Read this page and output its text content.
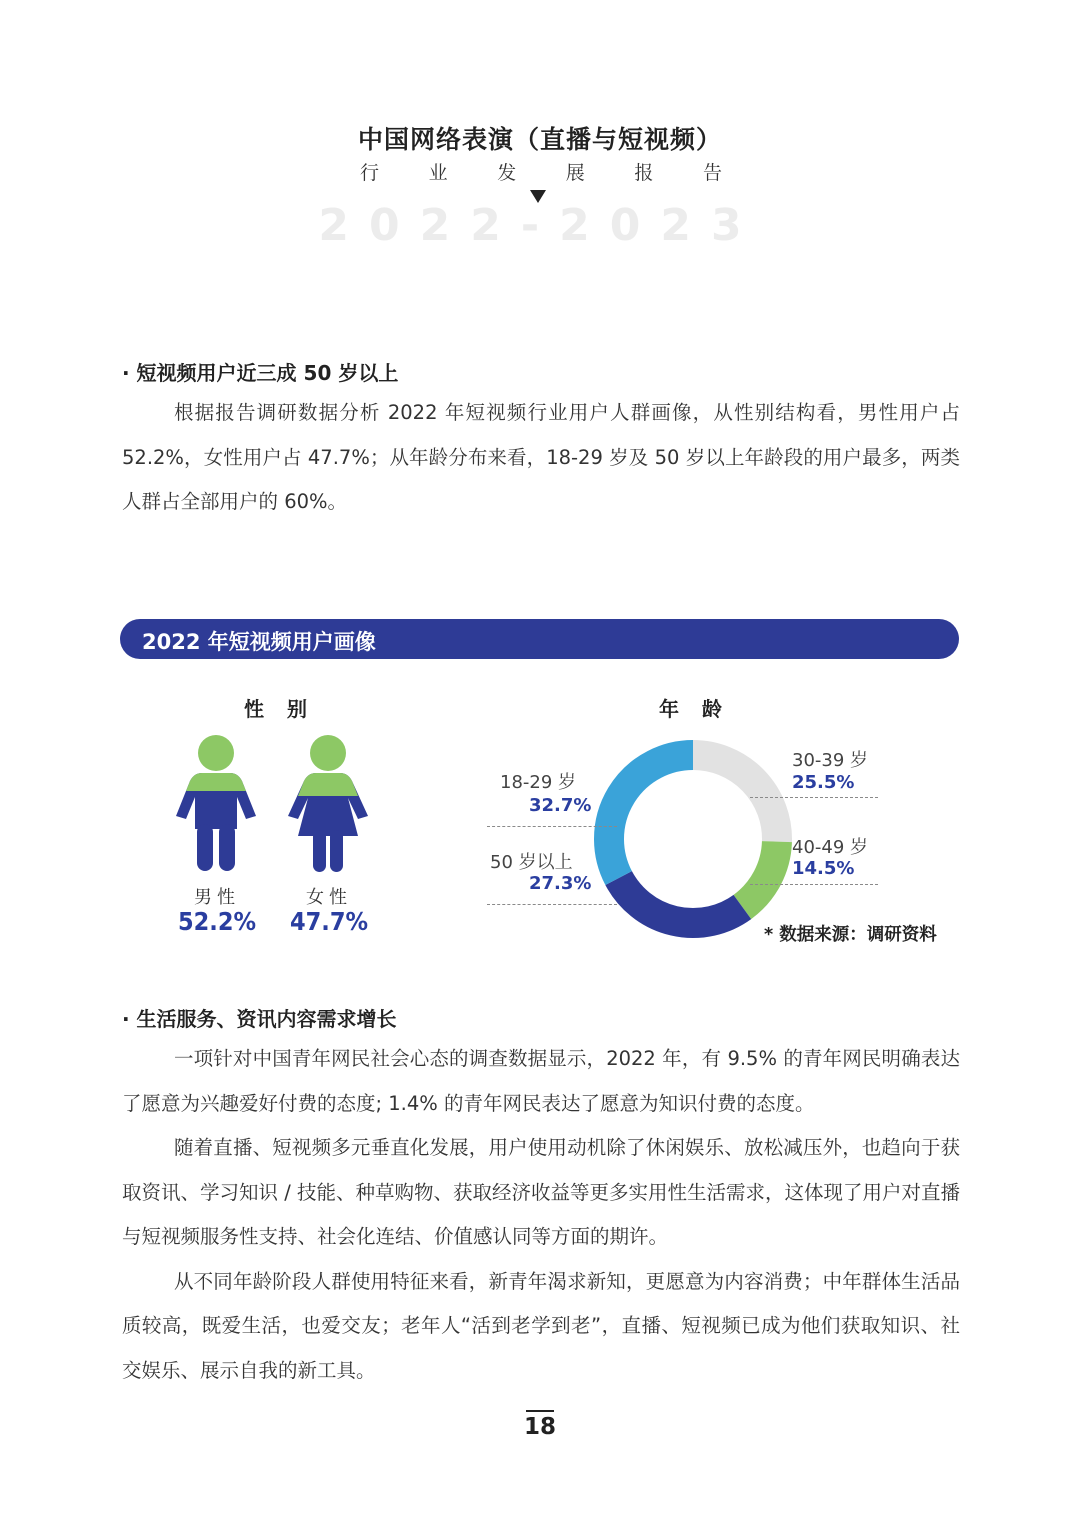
中国网络表演（直播与短视频）
行	业	发	展	报	告
2022-2023
· 短视频用户近三成 50 岁以上

根据报告调研数据分析 2022 年短视频行业用户人群画像，从性别结构看，男性用户占 52.2%，女性用户占 47.7%；从年龄分布来看，18-29 岁及 50 岁以上年龄段的用户最多，两类人群占全部用户的 60%。

2022 年短视频用户画像
性 别
男性
52.2%
女性
47.7%
年 龄
18-29 岁
32.7%
50 岁以上
27.3%
30-39 岁
25.5%
40-49 岁
14.5%
* 数据来源：调研资料
· 生活服务、资讯内容需求增长

一项针对中国青年网民社会心态的调查数据显示，2022 年，有 9.5% 的青年网民明确表达了愿意为兴趣爱好付费的态度; 1.4% 的青年网民表达了愿意为知识付费的态度。

随着直播、短视频多元垂直化发展，用户使用动机除了休闲娱乐、放松减压外，也趋向于获取资讯、学习知识 / 技能、种草购物、获取经济收益等更多实用性生活需求，这体现了用户对直播与短视频服务性支持、社会化连结、价值感认同等方面的期许。

从不同年龄阶段人群使用特征来看，新青年渴求新知，更愿意为内容消费；中年群体生活品质较高，既爱生活，也爱交友；老年人“活到老学到老”，直播、短视频已成为他们获取知识、社交娱乐、展示自我的新工具。

18
